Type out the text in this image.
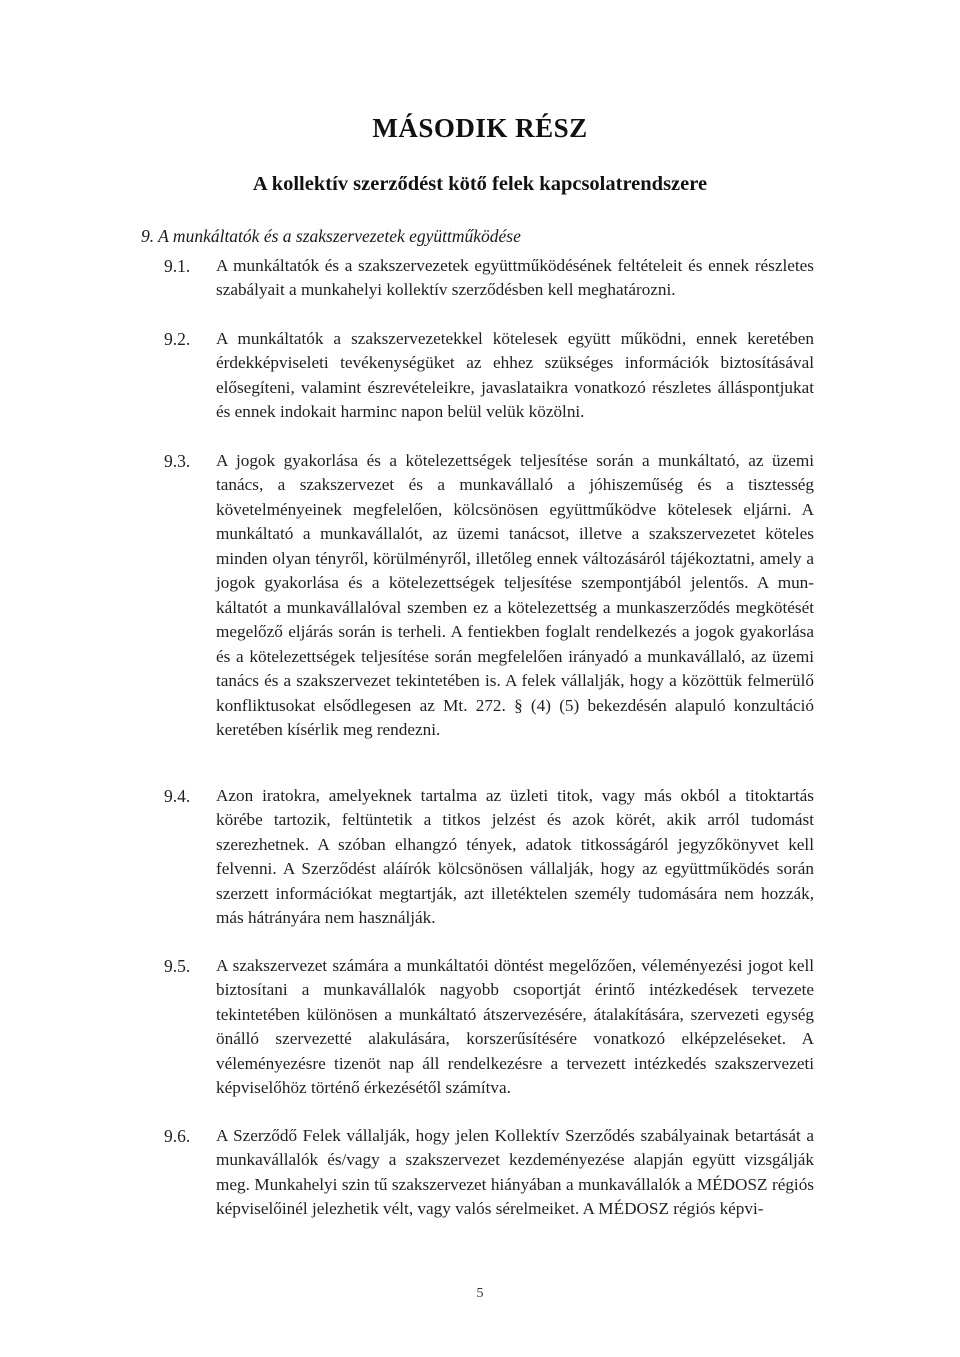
MÁSODIK RÉSZ
A kollektív szerződést kötő felek kapcsolatrendszere
9. A munkáltatók és a szakszervezetek együttműködése
9.1.	A munkáltatók és a szakszervezetek együttműködésének feltételeit és ennek részletes szabályait a munkahelyi kollektív szerződésben kell meghatározni.
9.2.	A munkáltatók a szakszervezetekkel kötelesek együtt működni, ennek keretében érdekképviseleti tevékenységüket az ehhez szükséges információk biztosításával elősegíteni, valamint észrevételeikre, javaslataikra vonatkozó részletes álláspontjukat és ennek indokait harminc napon belül velük közölni.
9.3.	A jogok gyakorlása és a kötelezettségek teljesítése során a munkáltató, az üzemi tanács, a szakszervezet és a munkavállaló a jóhiszeműség és a tisztesség követelményeinek megfelelően, kölcsönösen együttműködve kötelesek eljárni. A munkáltató a munkavállalót, az üzemi tanácsot, illetve a szakszervezetet köteles minden olyan tényről, körülményről, illetőleg ennek változásáról tájékoztatni, amely a jogok gyakorlása és a kötelezettségek teljesítése szempontjából jelentős. A munkáltatót a munkavállalóval szemben ez a kötelezettség a munkaszerződés megkötését megelőző eljárás során is terheli. A fentiekben foglalt rendelkezés a jogok gyakorlása és a kötelezettségek teljesítése során megfelelően irányadó a munkavállaló, az üzemi tanács és a szakszervezet tekintetében is. A felek vállalják, hogy a közöttük felmerülő konfliktusokat elsődlegesen az Mt. 272. § (4) (5) bekezdésén alapuló konzultáció keretében kísérlik meg rendezni.
9.4.	Azon iratokra, amelyeknek tartalma az üzleti titok, vagy más okból a titoktartás körébe tartozik, feltüntetik a titkos jelzést és azok körét, akik arról tudomást szerezhetnek. A szóban elhangzó tények, adatok titkosságáról jegyzőkönyvet kell felvenni. A Szerződést aláírók kölcsönösen vállalják, hogy az együttműködés során szerzett információkat megtartják, azt illetéktelen személy tudomására nem hozzák, más hátrányára nem használják.
9.5.	A szakszervezet számára a munkáltatói döntést megelőzően, véleményezési jogot kell biztosítani a munkavállalók nagyobb csoportját érintő intézkedések tervezete tekintetében különösen a munkáltató átszervezésére, átalakítására, szervezeti egység önálló szervezetté alakulására, korszerűsítésére vonatkozó elképzeléseket. A véleményezésre tizenöt nap áll rendelkezésre a tervezett intézkedés szakszervezeti képviselőhöz történő érkezésétől számítva.
9.6.	A Szerződő Felek vállalják, hogy jelen Kollektív Szerződés szabályainak betartását a munkavállalók és/vagy a szakszervezet kezdeményezése alapján együtt vizsgálják meg. Munkahelyi szin tű szakszervezet hiányában a munkavállalók a MÉDOSZ régiós képviselőinél jelezhetik vélt, vagy valós sérelmeiket. A MÉDOSZ régiós képvi-
5
